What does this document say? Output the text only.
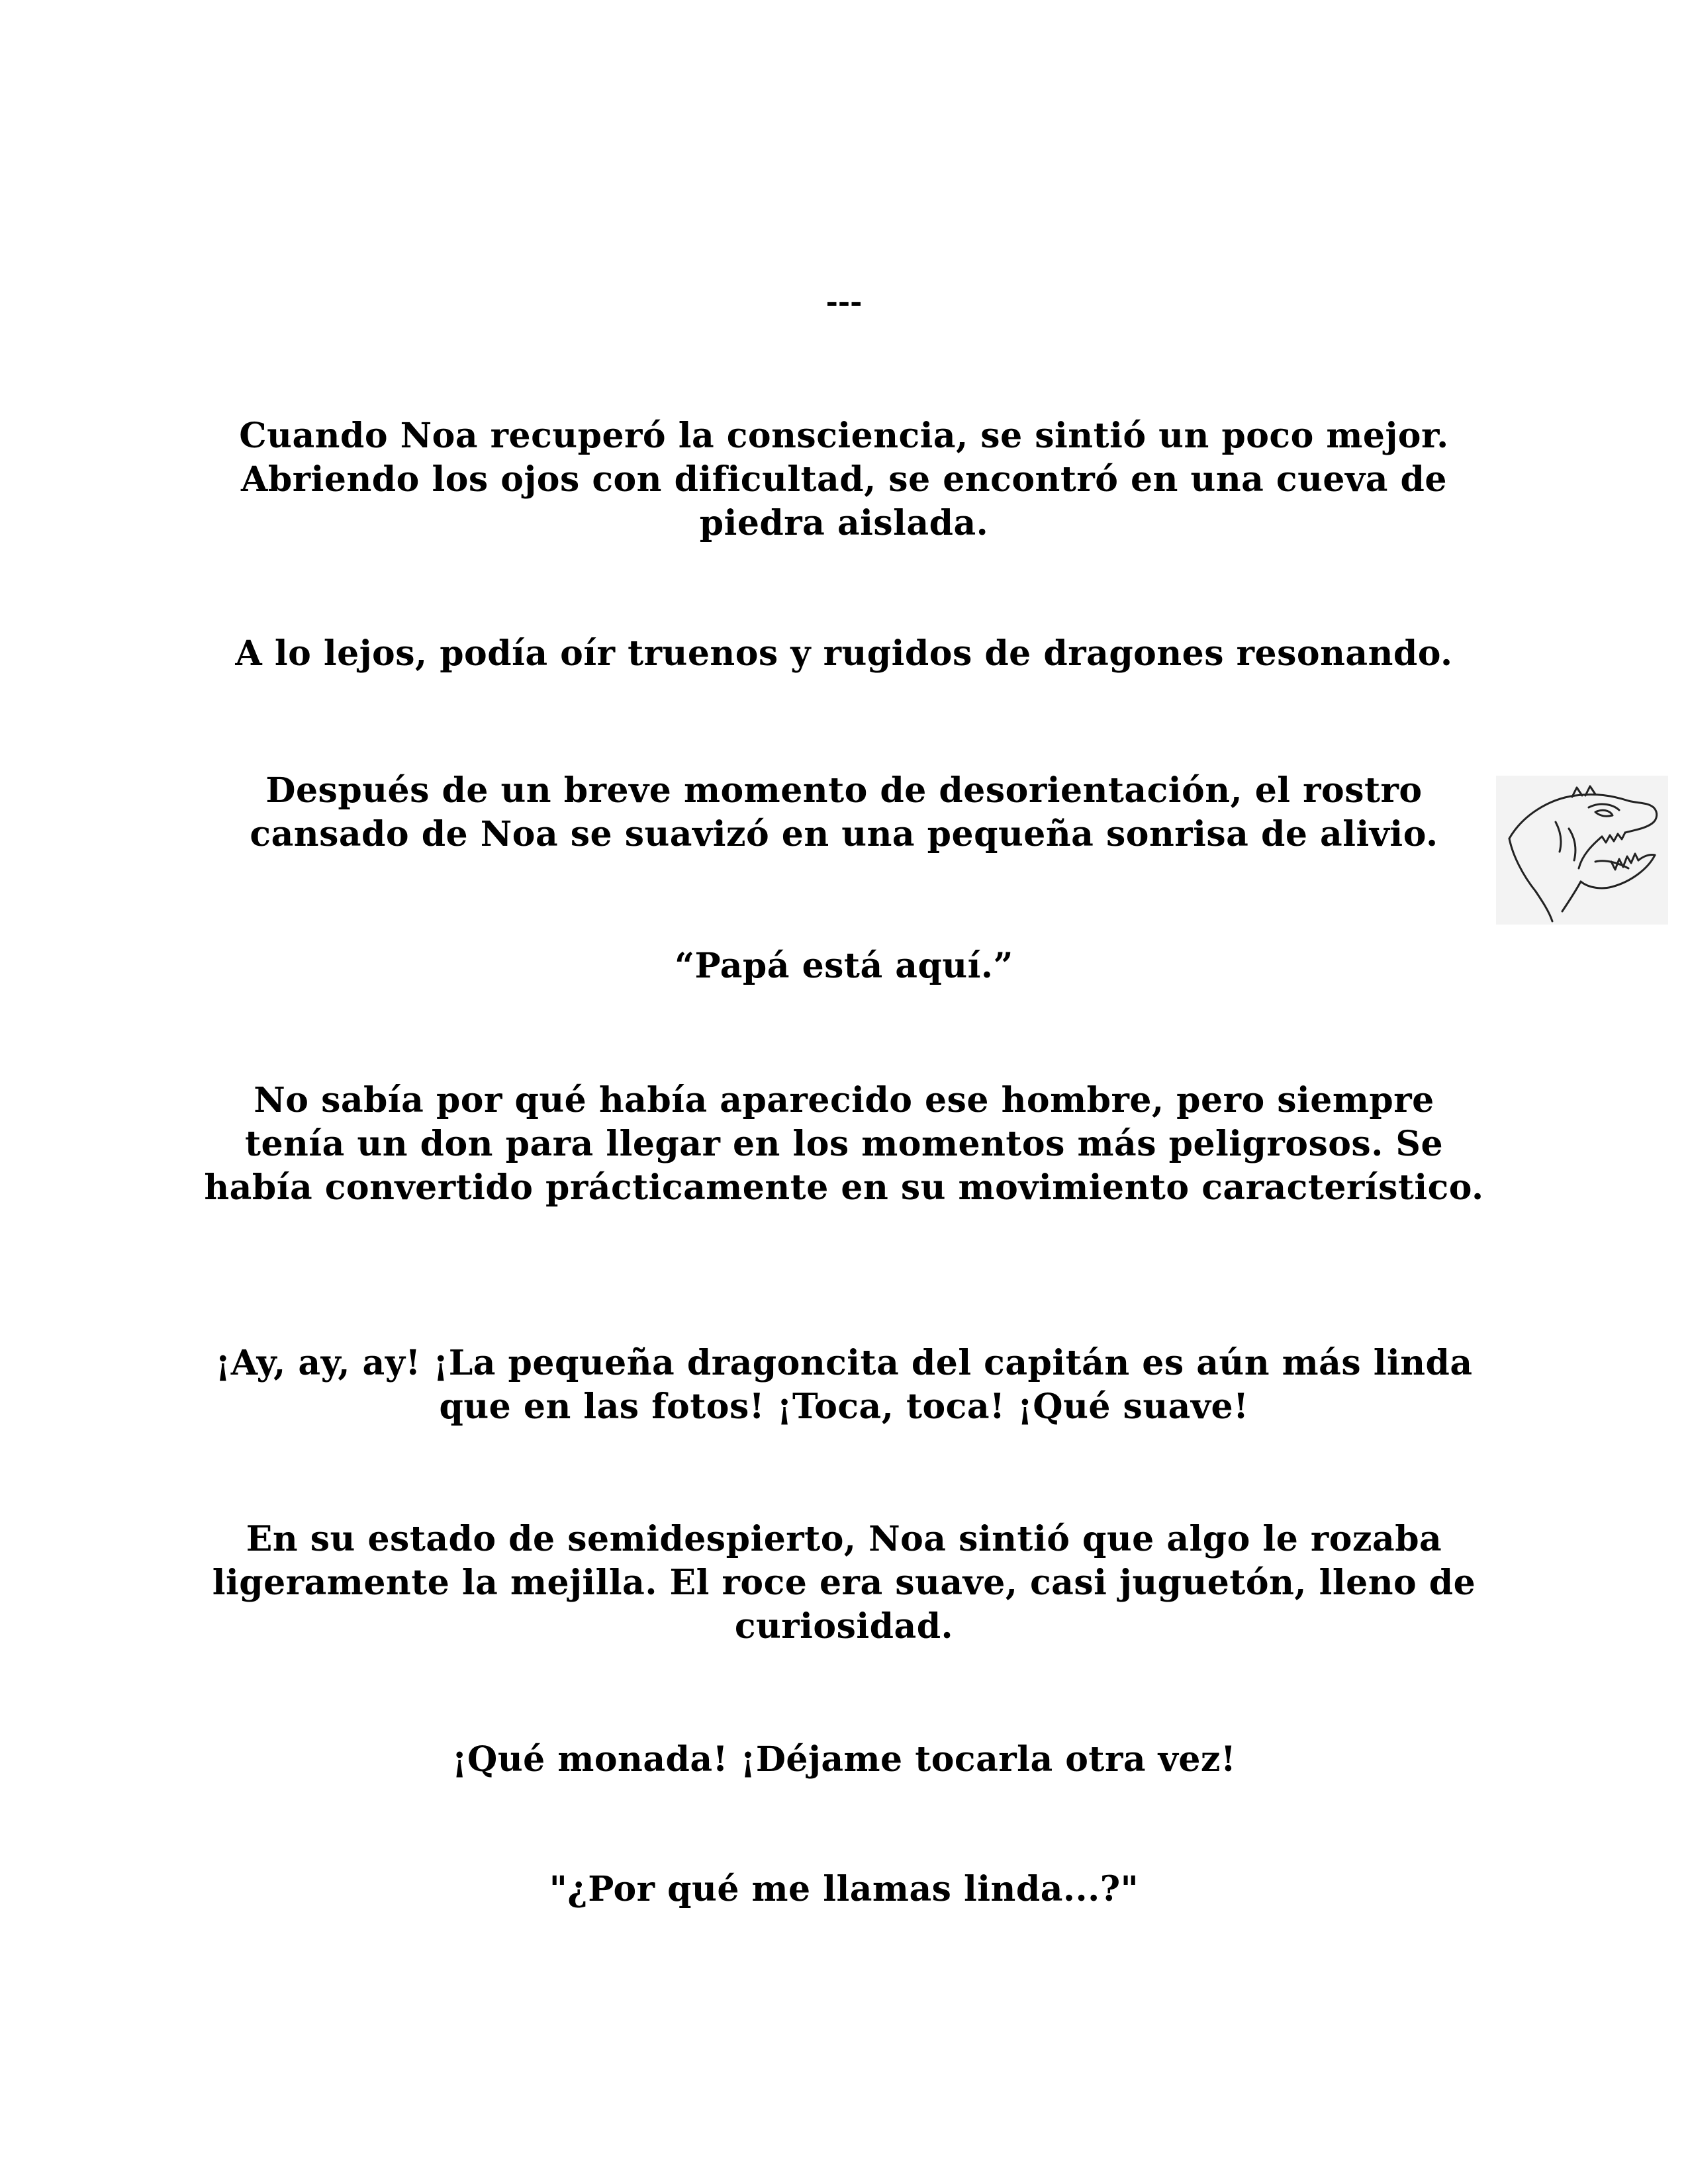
---

Cuando Noa recuperó la consciencia, se sintió un poco mejor. Abriendo los ojos con dificultad, se encontró en una cueva de piedra aislada.

A lo lejos, podía oír truenos y rugidos de dragones resonando.

Después de un breve momento de desorientación, el rostro cansado de Noa se suavizó en una pequeña sonrisa de alivio.

“Papá está aquí.”

No sabía por qué había aparecido ese hombre, pero siempre tenía un don para llegar en los momentos más peligrosos. Se había convertido prácticamente en su movimiento característico.

¡Ay, ay, ay! ¡La pequeña dragoncita del capitán es aún más linda que en las fotos! ¡Toca, toca! ¡Qué suave!

En su estado de semidespierto, Noa sintió que algo le rozaba ligeramente la mejilla. El roce era suave, casi juguetón, lleno de curiosidad.

¡Qué monada! ¡Déjame tocarla otra vez!

"¿Por qué me llamas linda...?"
